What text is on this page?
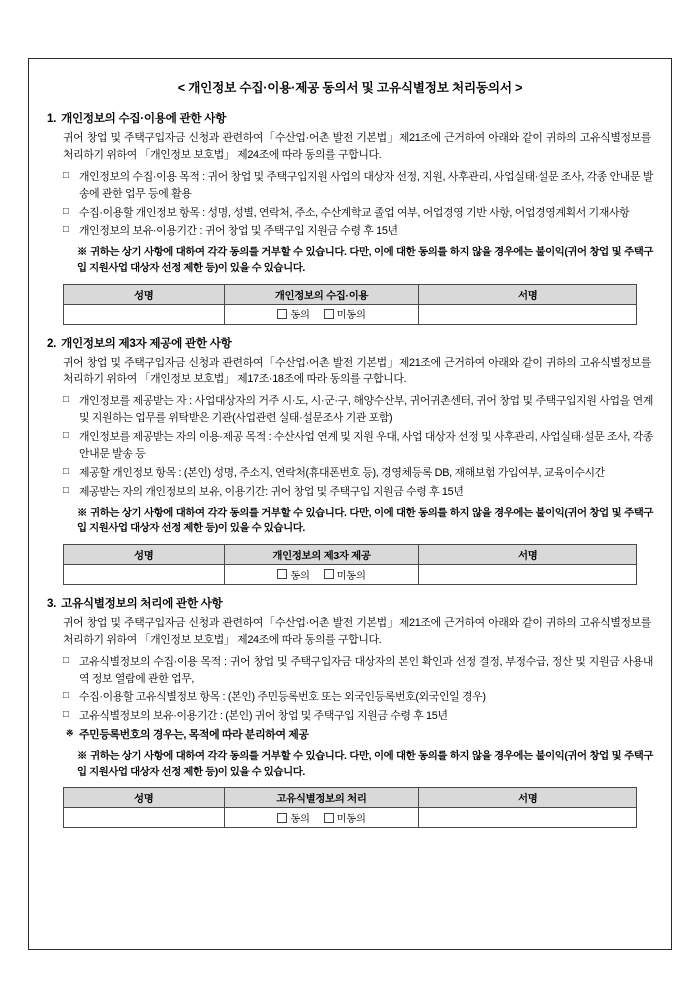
< 개인정보 수집·이용·제공 동의서 및 고유식별정보 처리동의서 >
1. 개인정보의 수집·이용에 관한 사항

귀어 창업 및 주택구입자금 신청과 관련하여「수산업·어촌 발전 기본법」제21조에 근거하여 아래와 같이 귀하의 고유식별정보를 처리하기 위하여 「개인정보 보호법」 제24조에 따라 동의를 구합니다.

□ 개인정보의 수집·이용 목적 : 귀어 창업 및 주택구입지원 사업의 대상자 선정, 지원, 사후관리, 사업실태·설문 조사, 각종 안내문 발송에 관한 업무 등에 활용
□ 수집·이용할 개인정보 항목 : 성명, 성별, 연락처, 주소, 수산계학교 졸업 여부, 어업경영 기반 사항, 어업경영계획서 기재사항
□ 개인정보의 보유·이용기간 : 귀어 창업 및 주택구입 지원금 수령 후 15년

※ 귀하는 상기 사항에 대하여 각각 동의를 거부할 수 있습니다. 다만, 이에 대한 동의를 하지 않을 경우에는 불이익(귀어 창업 및 주택구입 지원사업 대상자 선정 제한 등)이 있을 수 있습니다.

성명	개인정보의 수집·이용	서명

	동의 미동의	

2. 개인정보의 제3자 제공에 관한 사항

귀어 창업 및 주택구입자금 신청과 관련하여「수산업·어촌 발전 기본법」제21조에 근거하여 아래와 같이 귀하의 고유식별정보를 처리하기 위하여 「개인정보 보호법」 제17조·18조에 따라 동의를 구합니다.

□ 개인정보를 제공받는 자 : 사업대상자의 거주 시·도, 시·군·구, 해양수산부, 귀어귀촌센터, 귀어 창업 및 주택구입지원 사업을 연계 및 지원하는 업무를 위탁받은 기관(사업관련 실태·설문조사 기관 포함)
□ 개인정보를 제공받는 자의 이용·제공 목적 : 수산사업 연계 및 지원 우대, 사업 대상자 선정 및 사후관리, 사업실태·설문 조사, 각종 안내문 발송 등
□ 제공할 개인정보 항목 : (본인) 성명, 주소지, 연락처(휴대폰번호 등), 경영체등록 DB, 재해보험 가입여부, 교육이수시간
□ 제공받는 자의 개인정보의 보유, 이용기간: 귀어 창업 및 주택구입 지원금 수령 후 15년

※ 귀하는 상기 사항에 대하여 각각 동의를 거부할 수 있습니다. 다만, 이에 대한 동의를 하지 않을 경우에는 불이익(귀어 창업 및 주택구입 지원사업 대상자 선정 제한 등)이 있을 수 있습니다.

성명	개인정보의 제3자 제공	서명

	동의 미동의	

3. 고유식별정보의 처리에 관한 사항

귀어 창업 및 주택구입자금 신청과 관련하여「수산업·어촌 발전 기본법」제21조에 근거하여 아래와 같이 귀하의 고유식별정보를 처리하기 위하여 「개인정보 보호법」 제24조에 따라 동의를 구합니다.

□ 고유식별정보의 수집·이용 목적 : 귀어 창업 및 주택구입자금 대상자의 본인 확인과 선정 결정, 부정수급, 정산 및 지원금 사용내역 정보 열람에 관한 업무,
□ 수집·이용할 고유식별정보 항목 : (본인) 주민등록번호 또는 외국인등록번호(외국인일 경우)
□ 고유식별정보의 보유·이용기간 : (본인) 귀어 창업 및 주택구입 지원금 수령 후 15년
※ 주민등록번호의 경우는, 목적에 따라 분리하여 제공

※ 귀하는 상기 사항에 대하여 각각 동의를 거부할 수 있습니다. 다만, 이에 대한 동의를 하지 않을 경우에는 불이익(귀어 창업 및 주택구입 지원사업 대상자 선정 제한 등)이 있을 수 있습니다.

성명	고유식별정보의 처리	서명

	동의 미동의	
